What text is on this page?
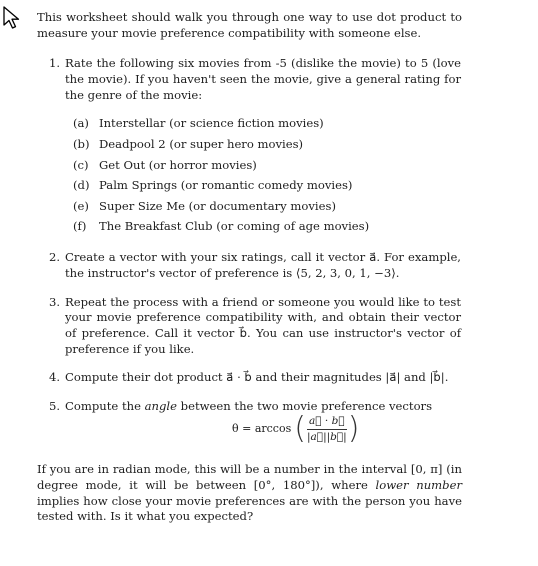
This worksheet should walk you through one way to use dot product to measure your movie preference compatibility with someone else.
1. Rate the following six movies from -5 (dislike the movie) to 5 (love the movie). If you haven't seen the movie, give a general rating for the genre of the movie:
(a) Interstellar (or science fiction movies)
(b) Deadpool 2 (or super hero movies)
(c) Get Out (or horror movies)
(d) Palm Springs (or romantic comedy movies)
(e) Super Size Me (or documentary movies)
(f) The Breakfast Club (or coming of age movies)
2. Create a vector with your six ratings, call it vector a⃗. For example, the instructor's vector of preference is ⟨5, 2, 3, 0, 1, −3⟩.
3. Repeat the process with a friend or someone you would like to test your movie preference compatibility with, and obtain their vector of preference. Call it vector b⃗. You can use instructor's vector of preference if you like.
4. Compute their dot product a⃗ · b⃗ and their magnitudes |a⃗| and |b⃗|.
5. Compute the angle between the two movie preference vectors
θ = arccos ( $\frac{a⃗ \cdot b⃗}{|a⃗||b⃗|}$ )
If you are in radian mode, this will be a number in the interval [0, π] (in degree mode, it will be between [0°, 180°]), where lower number implies how close your movie preferences are with the person you have tested with. Is it what you expected?
